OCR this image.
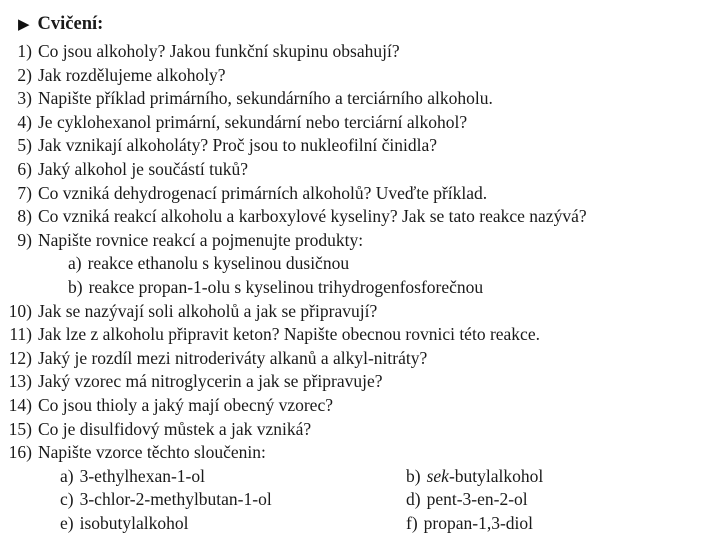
▶ Cvičení:
1) Co jsou alkoholy? Jakou funkční skupinu obsahují?
2) Jak rozdělujeme alkoholy?
3) Napište příklad primárního, sekundárního a terciárního alkoholu.
4) Je cyklohexanol primární, sekundární nebo terciární alkohol?
5) Jak vznikají alkoholáty? Proč jsou to nukleofilní činidla?
6) Jaký alkohol je součástí tuků?
7) Co vzniká dehydrogenací primárních alkoholů? Uveďte příklad.
8) Co vzniká reakcí alkoholu a karboxylové kyseliny? Jak se tato reakce nazývá?
9) Napište rovnice reakcí a pojmenujte produkty:
a) reakce ethanolu s kyselinou dusičnou
b) reakce propan-1-olu s kyselinou trihydrogenfosforečnou
10) Jak se nazývají soli alkoholů a jak se připravují?
11) Jak lze z alkoholu připravit keton? Napište obecnou rovnici této reakce.
12) Jaký je rozdíl mezi nitroderiváty alkanů a alkyl-nitráty?
13) Jaký vzorec má nitroglycerin a jak se připravuje?
14) Co jsou thioly a jaký mají obecný vzorec?
15) Co je disulfidový můstek a jak vzniká?
16) Napište vzorce těchto sloučenin:
a) 3-ethylhexan-1-ol	b) sek-butylalkohol
c) 3-chlor-2-methylbutan-1-ol	d) pent-3-en-2-ol
e) isobutylalkohol	f) propan-1,3-diol
